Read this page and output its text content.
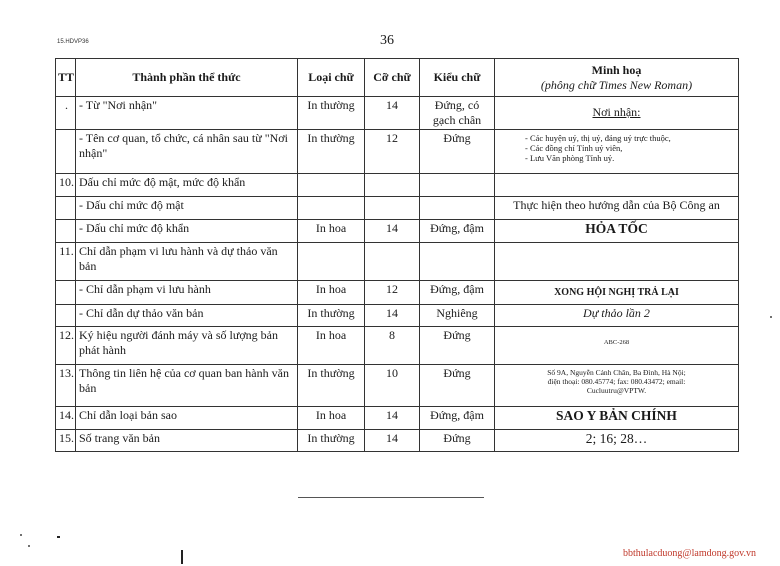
15.HDVP36	36
TT	Thành phần thể thức	Loại chữ	Cỡ chữ	Kiểu chữ	Minh hoạ
(phông chữ Times New Roman)

.	- Từ "Nơi nhận"	In thường	14	Đứng, có gạch chân	Nơi nhận:
	- Tên cơ quan, tổ chức, cá nhân sau từ "Nơi nhận"	In thường	12	Đứng	- Các huyện uỷ, thị uỷ, đảng uỷ trực thuộc,
- Các đồng chí Tỉnh uỷ viên,
- Lưu Văn phòng Tỉnh uỷ.

10.	Dấu chỉ mức độ mật, mức độ khẩn				
	- Dấu chỉ mức độ mật				Thực hiện theo hướng dẫn của Bộ Công an
	- Dấu chỉ mức độ khẩn	In hoa	14	Đứng, đậm	HỎA TỐC
11.	Chỉ dẫn phạm vi lưu hành và dự thảo văn bản				
	- Chỉ dẫn phạm vi lưu hành	In hoa	12	Đứng, đậm	XONG HỘI NGHỊ TRẢ LẠI
	- Chỉ dẫn dự thảo văn bản	In thường	14	Nghiêng	Dự thảo lần 2
12.	Ký hiệu người đánh máy và số lượng bản phát hành	In hoa	8	Đứng	ABC-268
13.	Thông tin liên hệ của cơ quan ban hành văn bản	In thường	10	Đứng	Số 9A, Nguyễn Cảnh Chân, Ba Đình, Hà Nội;
điện thoại: 080.45774; fax: 080.43472; email:
Cucluutru@VPTW.

14.	Chỉ dẫn loại bản sao	In hoa	14	Đứng, đậm	SAO Y BẢN CHÍNH
15.	Số trang văn bản	In thường	14	Đứng	2; 16; 28…
bbthulacduong@lamdong.gov.vn
